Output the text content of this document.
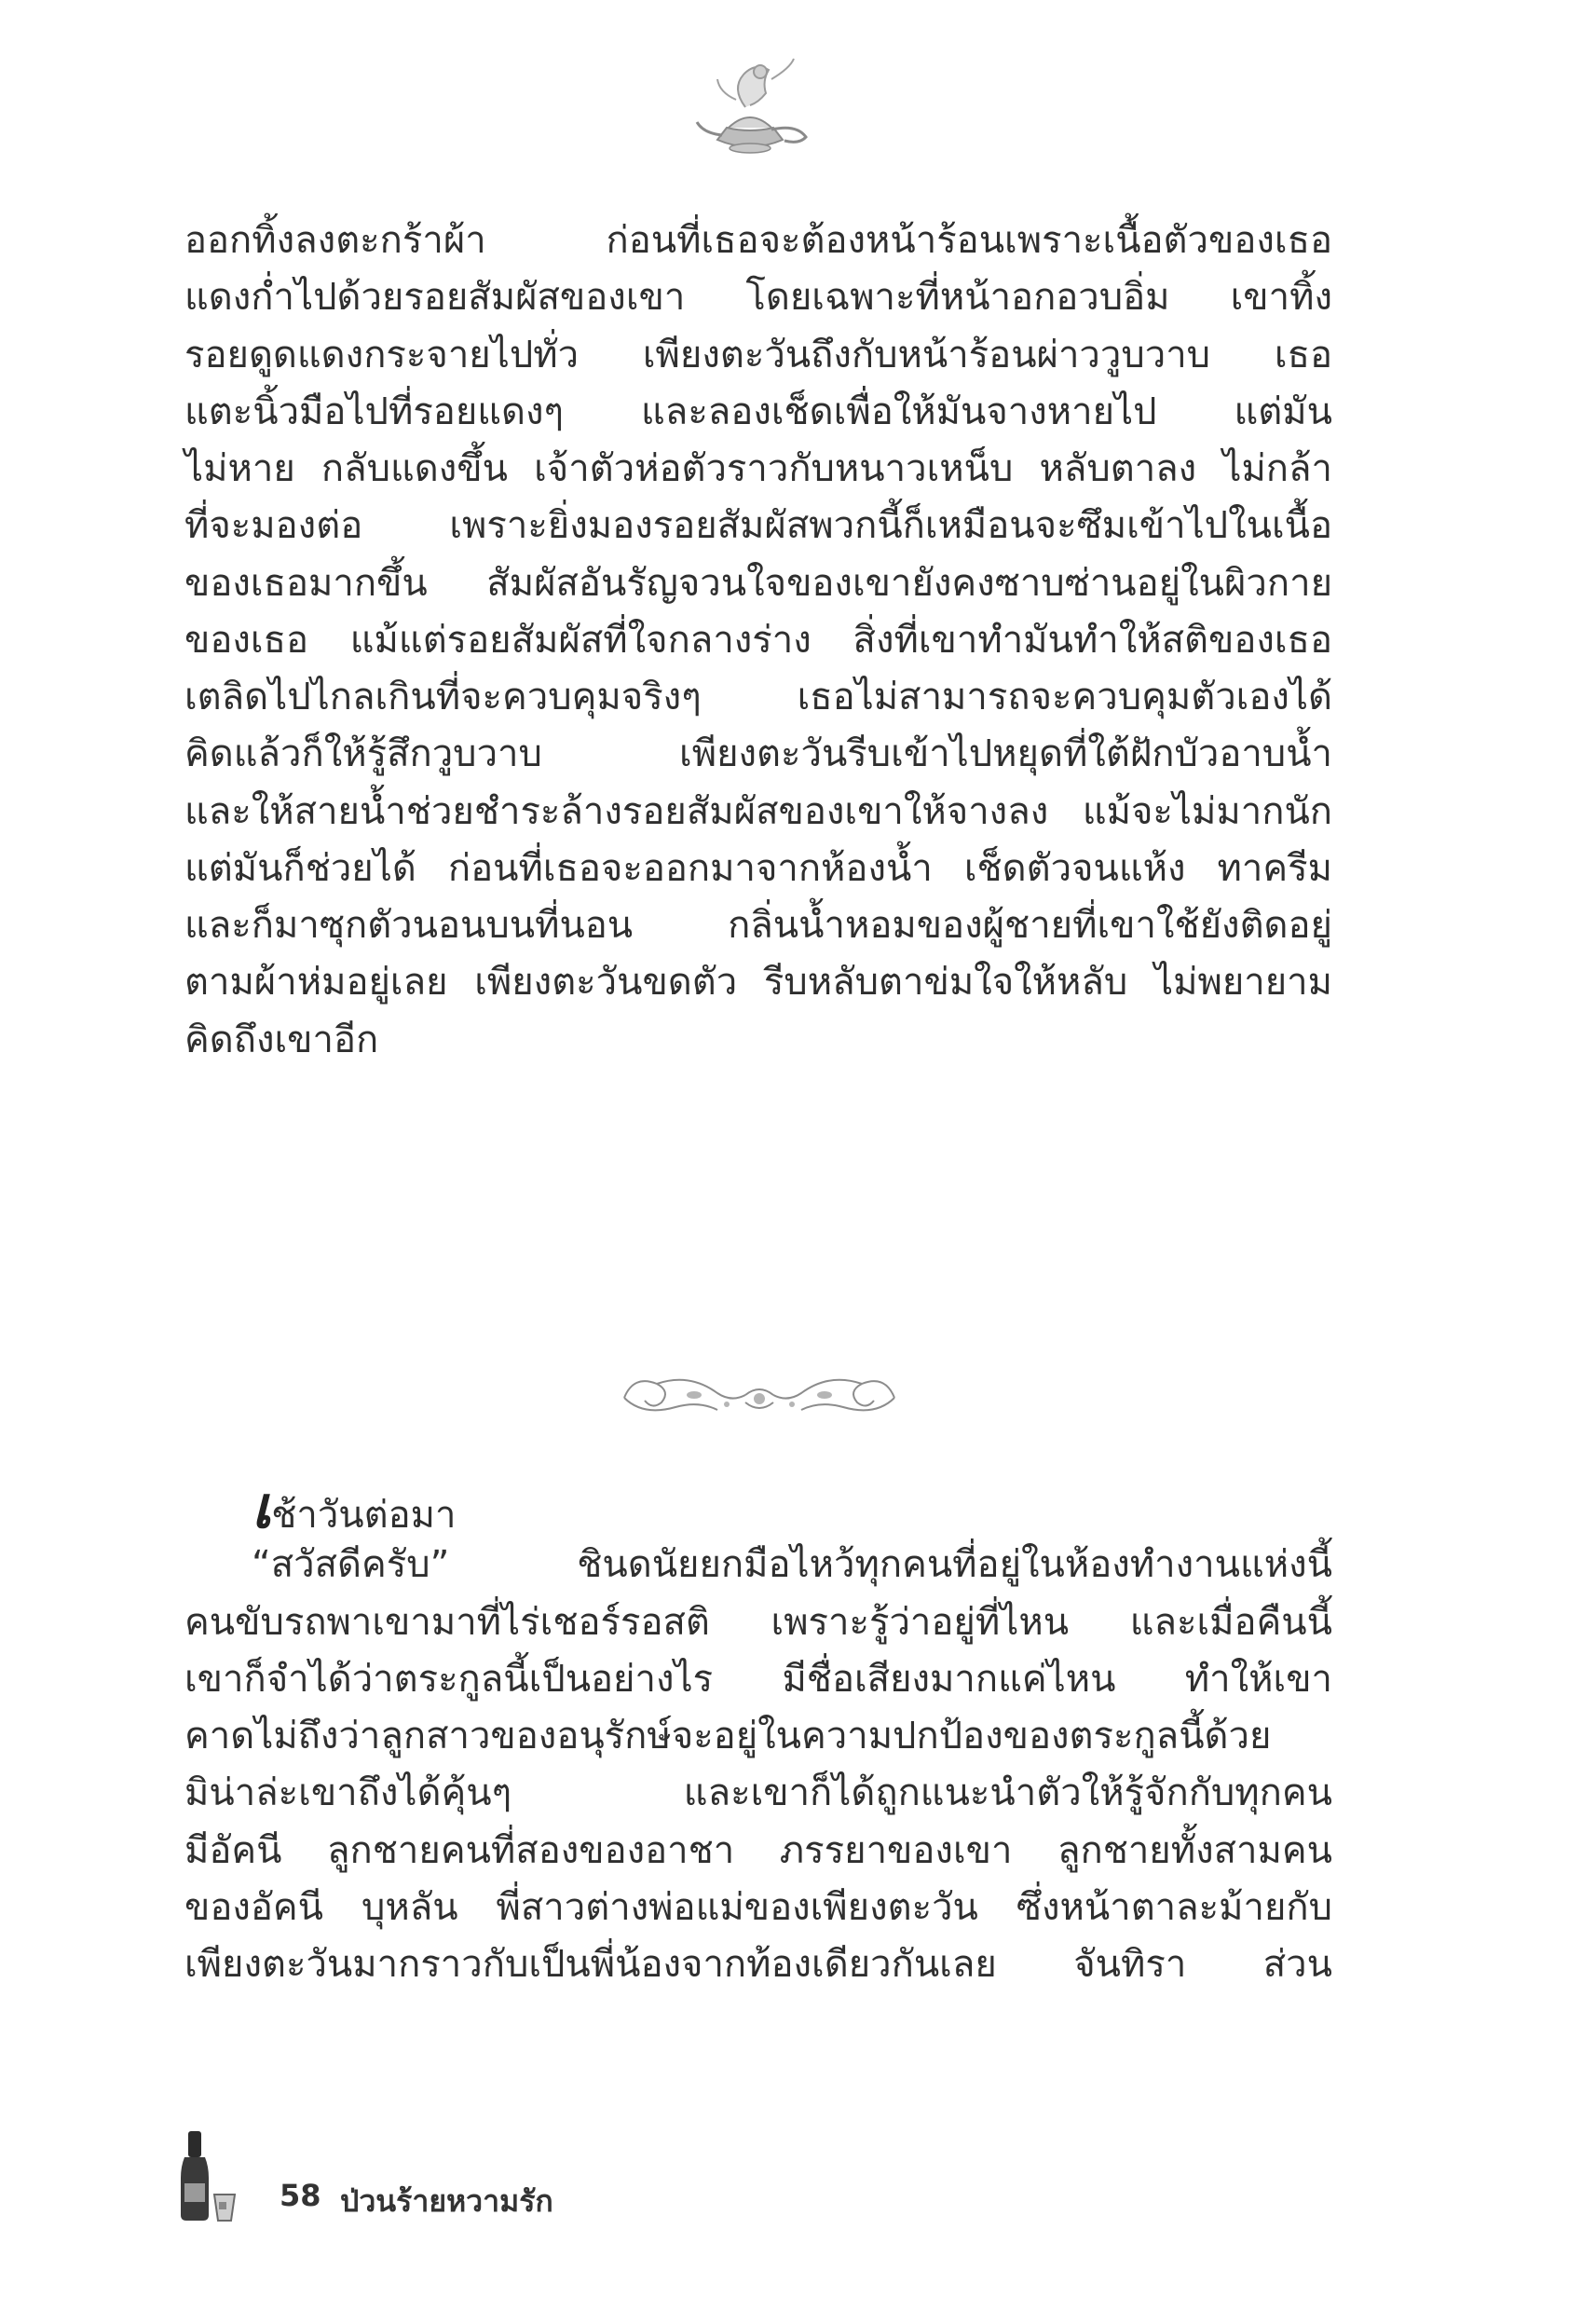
ออกทิ้งลงตะกร้าผ้า ก่อนที่เธอจะต้องหน้าร้อนเพราะเนื้อตัวของเธอ
แดงก่ำไปด้วยรอยสัมผัสของเขา โดยเฉพาะที่หน้าอกอวบอิ่ม เขาทิ้ง
รอยดูดแดงกระจายไปทั่ว เพียงตะวันถึงกับหน้าร้อนผ่าววูบวาบ เธอ
แตะนิ้วมือไปที่รอยแดงๆ และลองเช็ดเพื่อให้มันจางหายไป แต่มัน
ไม่หาย กลับแดงขึ้น เจ้าตัวห่อตัวราวกับหนาวเหน็บ หลับตาลง ไม่กล้า
ที่จะมองต่อ เพราะยิ่งมองรอยสัมผัสพวกนี้ก็เหมือนจะซึมเข้าไปในเนื้อ
ของเธอมากขึ้น สัมผัสอันรัญจวนใจของเขายังคงซาบซ่านอยู่ในผิวกาย
ของเธอ แม้แต่รอยสัมผัสที่ใจกลางร่าง สิ่งที่เขาทำมันทำให้สติของเธอ
เตลิดไปไกลเกินที่จะควบคุมจริงๆ เธอไม่สามารถจะควบคุมตัวเองได้
คิดแล้วก็ให้รู้สึกวูบวาบ เพียงตะวันรีบเข้าไปหยุดที่ใต้ฝักบัวอาบน้ำ
และให้สายน้ำช่วยชำระล้างรอยสัมผัสของเขาให้จางลง แม้จะไม่มากนัก
แต่มันก็ช่วยได้ ก่อนที่เธอจะออกมาจากห้องน้ำ เช็ดตัวจนแห้ง ทาครีม
และก็มาซุกตัวนอนบนที่นอน กลิ่นน้ำหอมของผู้ชายที่เขาใช้ยังติดอยู่
ตามผ้าห่มอยู่เลย เพียงตะวันขดตัว รีบหลับตาข่มใจให้หลับ ไม่พยายาม
คิดถึงเขาอีก
เช้าวันต่อมา
“สวัสดีครับ” ชินดนัยยกมือไหว้ทุกคนที่อยู่ในห้องทำงานแห่งนี้
คนขับรถพาเขามาที่ไร่เชอร์รอสติ เพราะรู้ว่าอยู่ที่ไหน และเมื่อคืนนี้
เขาก็จำได้ว่าตระกูลนี้เป็นอย่างไร มีชื่อเสียงมากแค่ไหน ทำให้เขา
คาดไม่ถึงว่าลูกสาวของอนุรักษ์จะอยู่ในความปกป้องของตระกูลนี้ด้วย
มิน่าล่ะเขาถึงได้คุ้นๆ และเขาก็ได้ถูกแนะนำตัวให้รู้จักกับทุกคน
มีอัคนี ลูกชายคนที่สองของอาชา ภรรยาของเขา ลูกชายทั้งสามคน
ของอัคนี บุหลัน พี่สาวต่างพ่อแม่ของเพียงตะวัน ซึ่งหน้าตาละม้ายกับ
เพียงตะวันมากราวกับเป็นพี่น้องจากท้องเดียวกันเลย จันทิรา ส่วน
58 ป่วนร้ายหวามรัก
